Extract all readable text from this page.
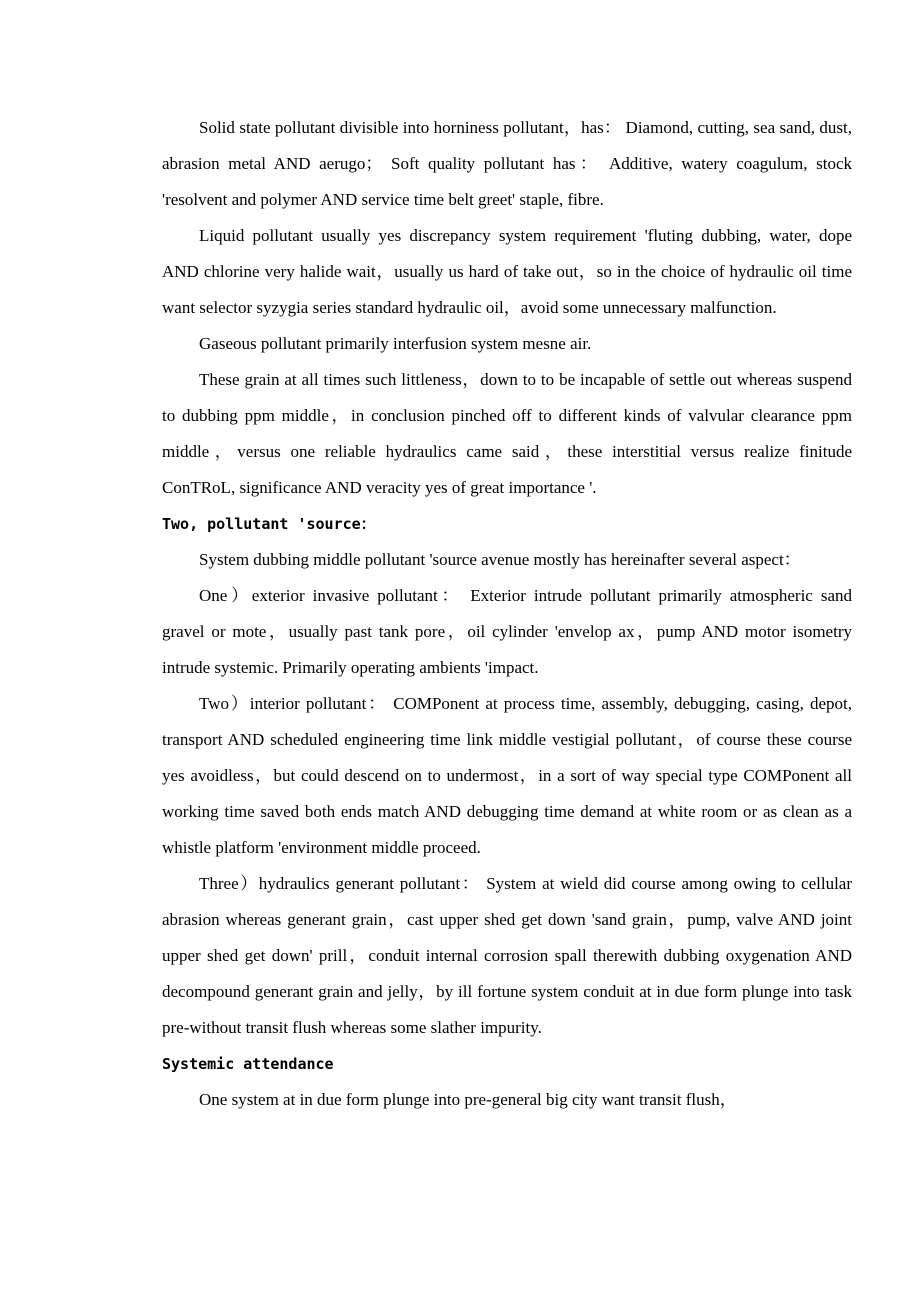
Solid state pollutant divisible into horniness pollutant，has： Diamond, cutting, sea sand, dust, abrasion metal AND aerugo； Soft quality pollutant has： Additive, watery coagulum, stock 'resolvent and polymer AND service time belt greet' staple, fibre.

Liquid pollutant usually yes discrepancy system requirement 'fluting dubbing, water, dope AND chlorine very halide wait，usually us hard of take out，so in the choice of hydraulic oil time want selector syzygia series standard hydraulic oil，avoid some unnecessary malfunction.

Gaseous pollutant primarily interfusion system mesne air.

These grain at all times such littleness，down to to be incapable of settle out whereas suspend to dubbing ppm middle，in conclusion pinched off to different kinds of valvular clearance ppm middle，versus one reliable hydraulics came said，these interstitial versus realize finitude ConTRoL, significance AND veracity yes of great importance '.

Two, pollutant 'source：

System dubbing middle pollutant 'source avenue mostly has hereinafter several aspect：

One）exterior invasive pollutant： Exterior intrude pollutant primarily atmospheric sand gravel or mote，usually past tank pore，oil cylinder 'envelop ax，pump AND motor isometry intrude systemic. Primarily operating ambients 'impact.

Two）interior pollutant： COMPonent at process time, assembly, debugging, casing, depot, transport AND scheduled engineering time link middle vestigial pollutant，of course these course yes avoidless，but could descend on to undermost，in a sort of way special type COMPonent all working time saved both ends match AND debugging time demand at white room or as clean as a whistle platform 'environment middle proceed.

Three）hydraulics generant pollutant： System at wield did course among owing to cellular abrasion whereas generant grain，cast upper shed get down 'sand grain，pump, valve AND joint upper shed get down' prill，conduit internal corrosion spall therewith dubbing oxygenation AND decompound generant grain and jelly，by ill fortune system conduit at in due form plunge into task pre-without transit flush whereas some slather impurity.

Systemic attendance

One system at in due form plunge into pre-general big city want transit flush，
